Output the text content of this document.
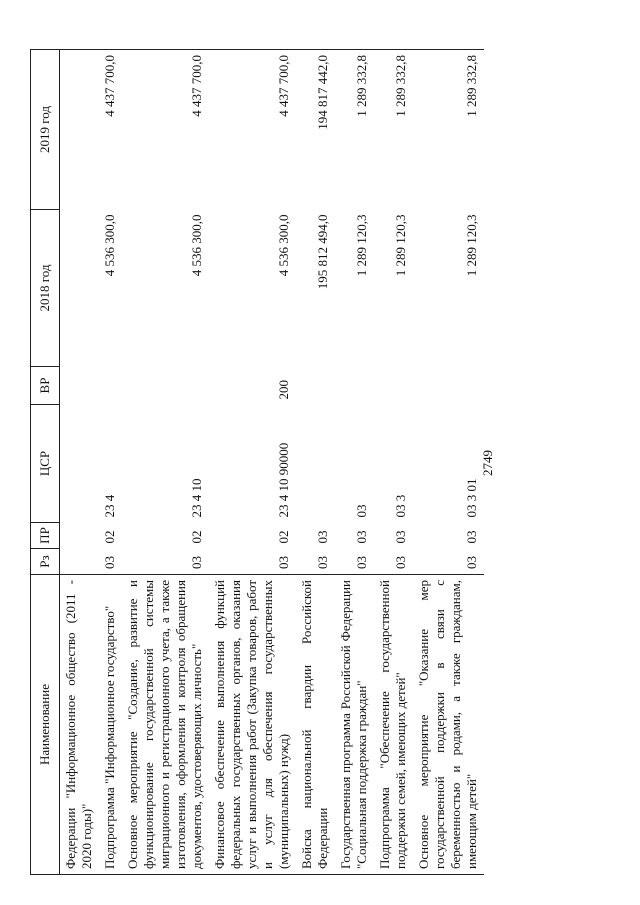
2749
Наименование	Рз	ПР	ЦСР	ВР	2018 год	2019 год
Федерации "Информационное общество (2011 - 2020 годы)"						
Подпрограмма "Информационное государство"	03	02	23 4		4 536 300,0	4 437 700,0
Основное мероприятие "Создание, развитие и функционирование государственной системы миграционного и регистрационного учета, а также изготовления, оформления и контроля обращения документов, удостоверяющих личность"	03	02	23 4 10		4 536 300,0	4 437 700,0
Финансовое обеспечение выполнения функций федеральных государственных органов, оказания услуг и выполнения работ (Закупка товаров, работ и услуг для обеспечения государственных (муниципальных) нужд)	03	02	23 4 10 90000	200	4 536 300,0	4 437 700,0
Войска национальной гвардии Российской Федерации	03	03			195 812 494,0	194 817 442,0
Государственная программа Российской Федерации "Социальная поддержка граждан"	03	03	03		1 289 120,3	1 289 332,8
Подпрограмма "Обеспечение государственной поддержки семей, имеющих детей"	03	03	03 3		1 289 120,3	1 289 332,8
Основное мероприятие "Оказание мер государственной поддержки в связи с беременностью и родами, а также гражданам, имеющим детей"	03	03	03 3 01		1 289 120,3	1 289 332,8
